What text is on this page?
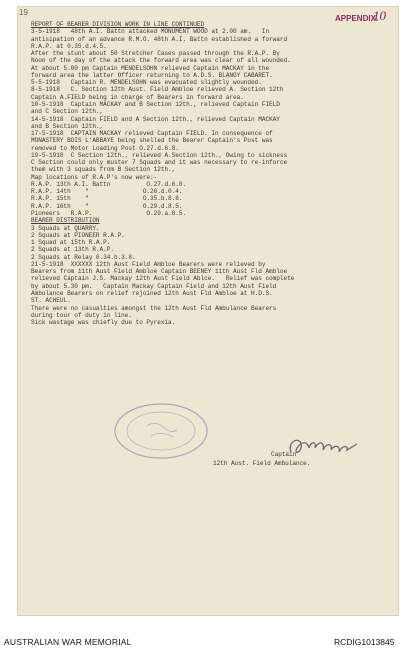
19
APPENDIX.
10
REPORT OF BEARER DIVISION WORK IN LINE CONTINUED
3-5-1918   48th A.I. Battn attacked MONUMENT WOOD at 2.00 am.   In
antisipation of an advance R.M.O. 48th A.I. Battn established a forward
R.A.P. at 0.35.d.4.5.
After the stunt about 50 Stretcher Cases passed through the R.A.P. By
Noon of the day of the attack the forward area was clear of all wounded.
At about 5.00 pm Captain MENDELSOHN relieved Captain MACKAY in the
forward area the latter Officer returning to A.D.S. BLANGY CABARET.
5-5-1918   Captain R. MENDELSOHN was evacuated slightly wounded.
8-5-1918   C. Section 12th Aust. Field Ambloe relieved A. Section 12th
Captain A.FIELD being in charge of Bearers in forward area.
10-5-1918  Captain MACKAY and B Section 12th., relieved Captain FIELD
and C Section 12th.,
14-5-1918  Captain FIELD and A Section 12th., relieved Captain MACKAY
and B Section 12th.,
17-5-1918  CAPTAIN MACKAY relieved Captain FIELD. In consequence of
MONASTERY BOIS L'ABBAYE being shelled the Bearer Captain's Post was
removed to Motor Loading Post O.27.d.6.8.
19-5-1918  C Section 12th., relieved A.Section 12th., Owing to sickness
C Section could only muster 7 Squads and it was necessary to re-inforce
them with 3 squads from B Section 12th.,
Map locations of R.A.P's now were:-
R.A.P. 13th A.I. Battn          O.27.d.6.8.
R.A.P. 14th    "               O.26.d.0.4.
R.A.P. 15th    "               O.35.b.8.8.
R.A.P. 16th    "               O.29.d.8.5.
Pioneers   R.A.P.               O.29.a.8.5.
BEARER DISTRIBUTION
3 Squads at QUARRY.
2 Squads at PIONEER R.A.P.
1 Squad at 15th R.A.P.
2 Squads at 13th R.A.P.
2 Squads at Relay 0.34.b.3.8.
21-5-1918  XXXXXX 12th Aust Field Ambloe Bearers were relieved by
Bearers from 11th Aust Field Ambloe Captain BEENEY 11th Aust Fld Ambloe
relieved Captain J.S. Mackay 12th Aust Field Ablce.   Relief was complete
by about 5.30 pm.   Captain Mackay Captain Field and 12th Aust Field
Ambulance Bearers on relief rejoined 12th Aust Fld Ambloe at H.D.S.
ST. ACHEUL.
There were no casualties amongst the 12th Aust Fld Ambulance Bearers
during tour of duty in line.
Sick wastage was chiefly due to Pyrexia.
Captain
12th Aust. Field Ambulance.
AUSTRALIAN WAR MEMORIAL	RCDIG1013845
